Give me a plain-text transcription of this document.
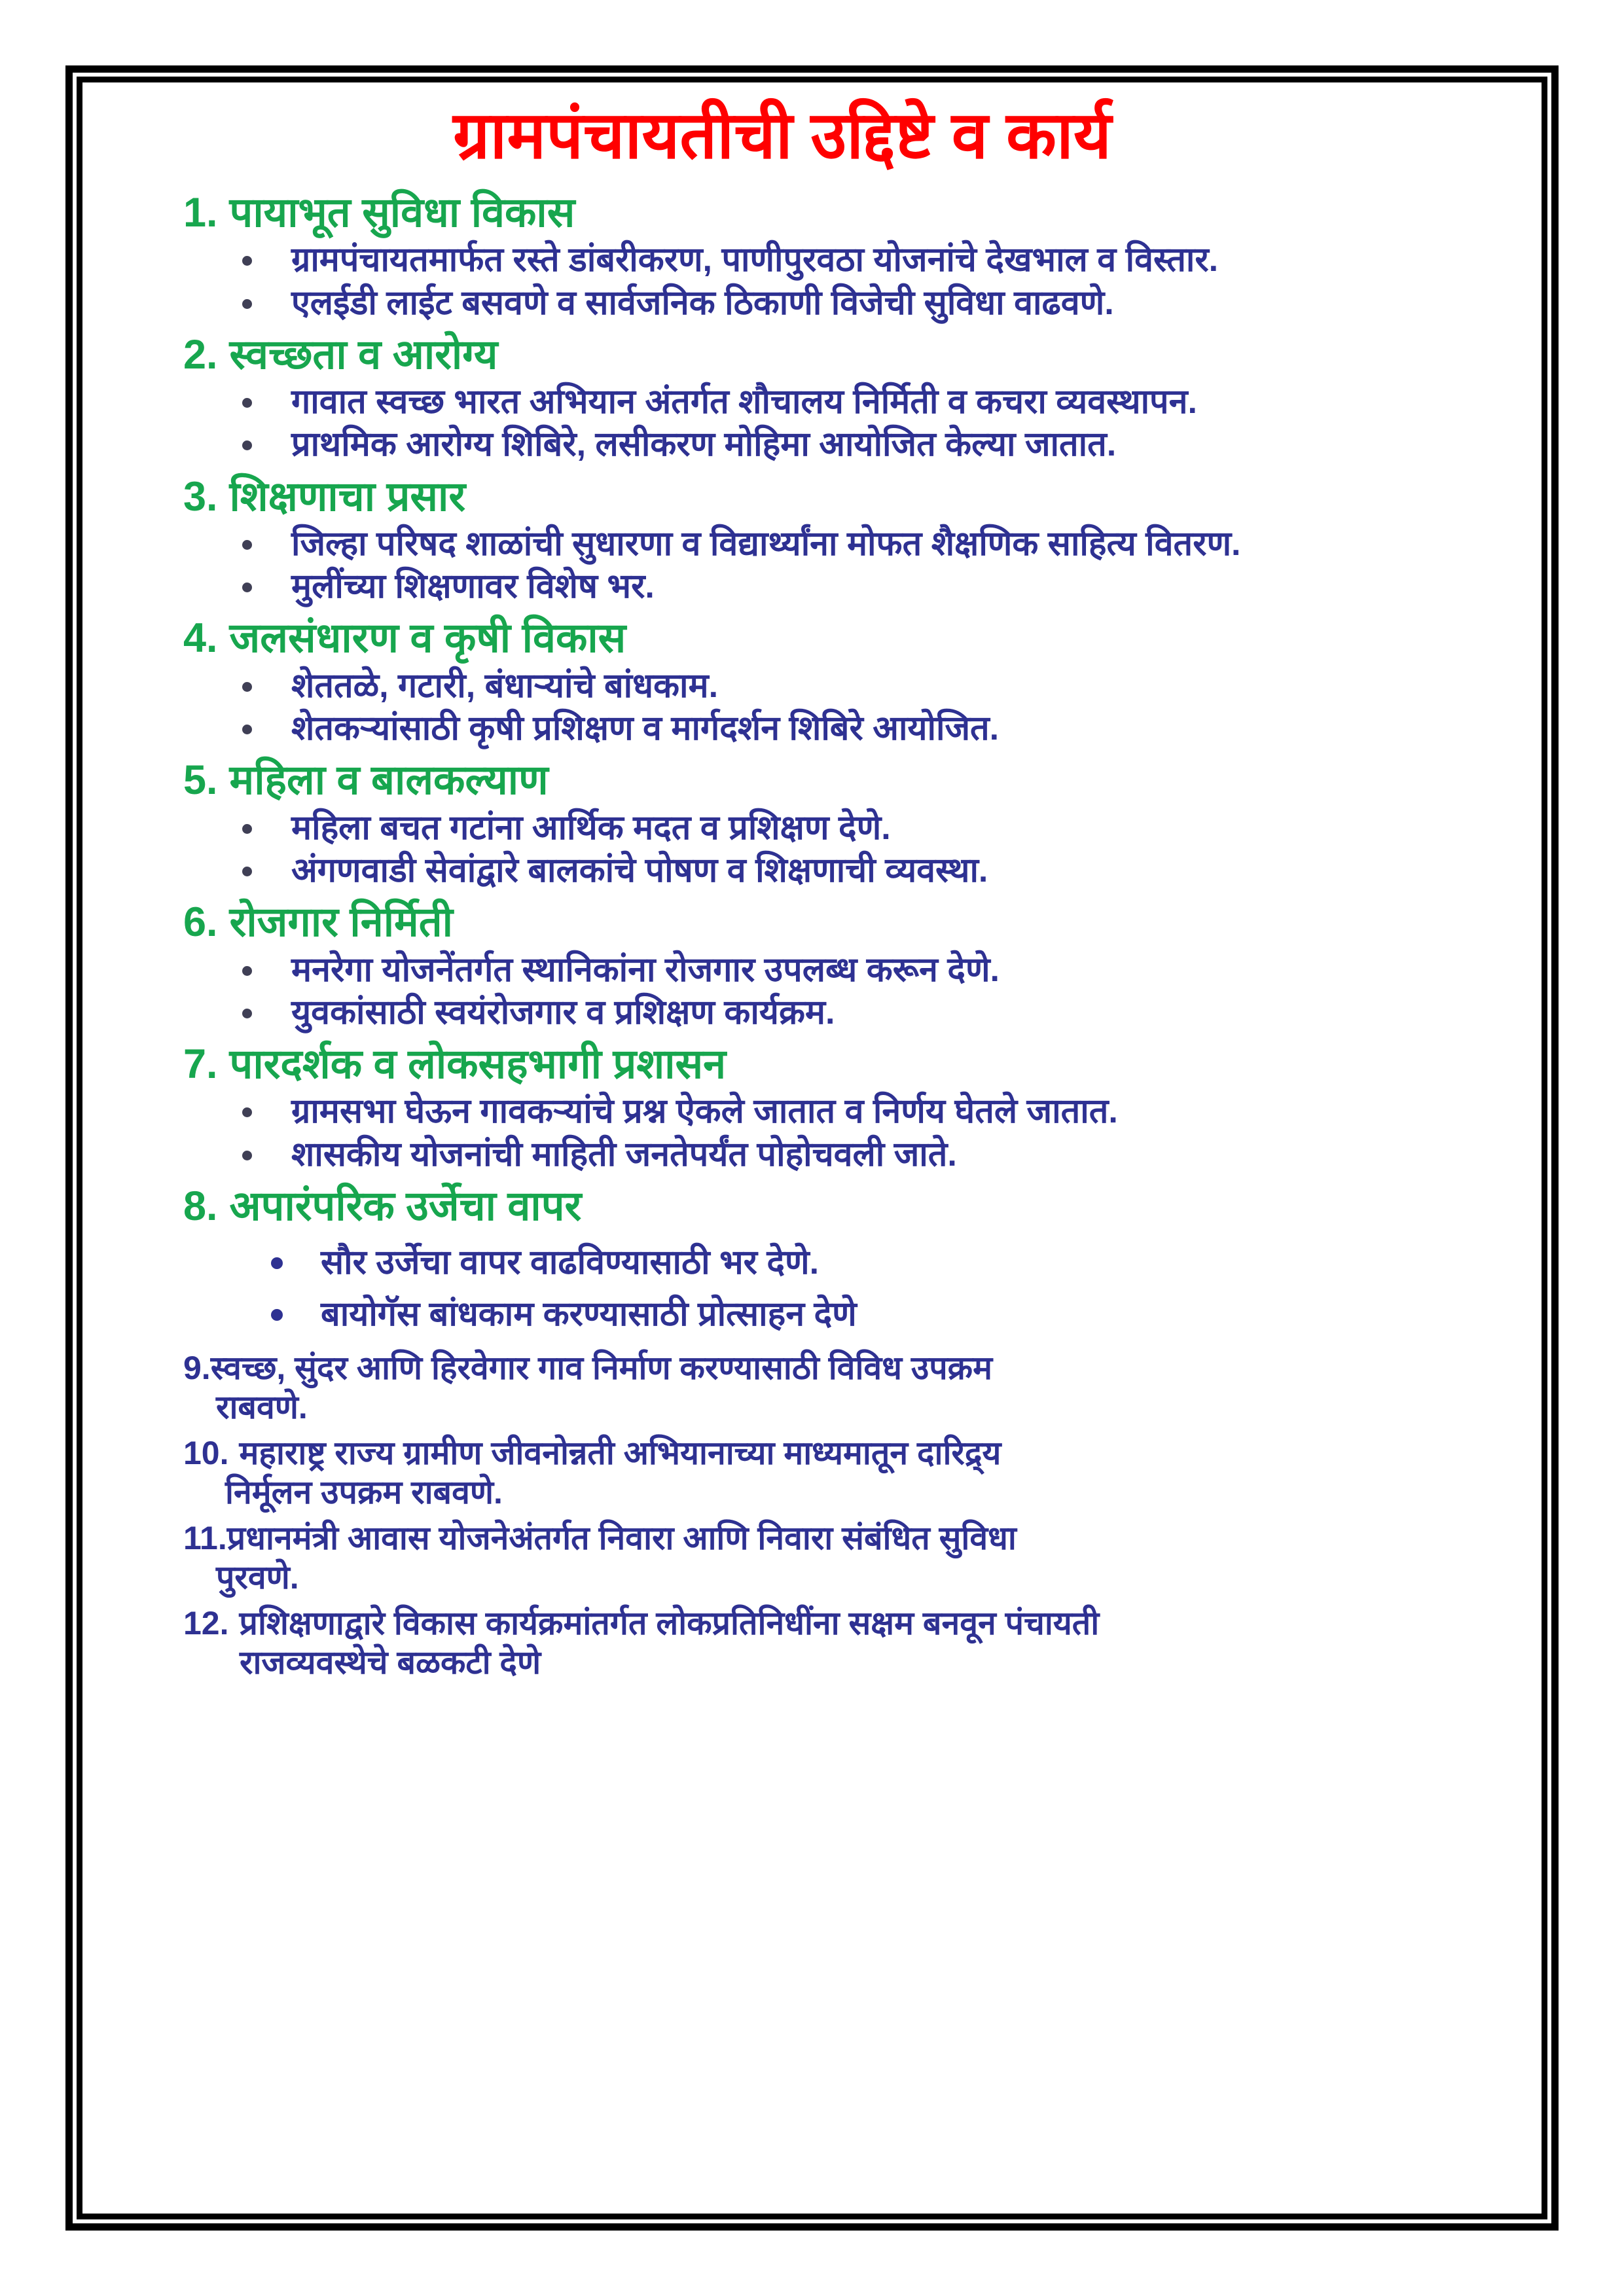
ग्रामपंचायतीची उद्दिष्टे व कार्य
1. पायाभूत सुविधा विकास
ग्रामपंचायतमार्फत रस्ते डांबरीकरण, पाणीपुरवठा योजनांचे देखभाल व विस्तार.
एलईडी लाईट बसवणे व सार्वजनिक ठिकाणी विजेची सुविधा वाढवणे.
2. स्वच्छता व आरोग्य
गावात स्वच्छ भारत अभियान अंतर्गत शौचालय निर्मिती व कचरा व्यवस्थापन.
प्राथमिक आरोग्य शिबिरे, लसीकरण मोहिमा आयोजित केल्या जातात.
3. शिक्षणाचा प्रसार
जिल्हा परिषद शाळांची सुधारणा व विद्यार्थ्यांना मोफत शैक्षणिक साहित्य वितरण.
मुलींच्या शिक्षणावर विशेष भर.
4. जलसंधारण व कृषी विकास
शेततळे, गटारी, बंधाऱ्यांचे बांधकाम.
शेतकऱ्यांसाठी कृषी प्रशिक्षण व मार्गदर्शन शिबिरे आयोजित.
5. महिला व बालकल्याण
महिला बचत गटांना आर्थिक मदत व प्रशिक्षण देणे.
अंगणवाडी सेवांद्वारे बालकांचे पोषण व शिक्षणाची व्यवस्था.
6. रोजगार निर्मिती
मनरेगा योजनेंतर्गत स्थानिकांना रोजगार उपलब्ध करून देणे.
युवकांसाठी स्वयंरोजगार व प्रशिक्षण कार्यक्रम.
7. पारदर्शक व लोकसहभागी प्रशासन
ग्रामसभा घेऊन गावकऱ्यांचे प्रश्न ऐकले जातात व निर्णय घेतले जातात.
शासकीय योजनांची माहिती जनतेपर्यंत पोहोचवली जाते.
8. अपारंपरिक उर्जेचा वापर
सौर उर्जेचा वापर वाढविण्यासाठी भर देणे.
बायोगॅस बांधकाम करण्यासाठी प्रोत्साहन देणे
9.स्वच्छ, सुंदर आणि हिरवेगार गाव निर्माण करण्यासाठी विविध उपक्रम
राबवणे.
10. महाराष्ट्र राज्य ग्रामीण जीवनोन्नती अभियानाच्या माध्यमातून दारिद्र्य
निर्मूलन उपक्रम राबवणे.
11.प्रधानमंत्री आवास योजनेअंतर्गत निवारा आणि निवारा संबंधित सुविधा
पुरवणे.
12. प्रशिक्षणाद्वारे विकास कार्यक्रमांतर्गत लोकप्रतिनिधींना सक्षम बनवून पंचायती
राजव्यवस्थेचे बळकटी देणे
